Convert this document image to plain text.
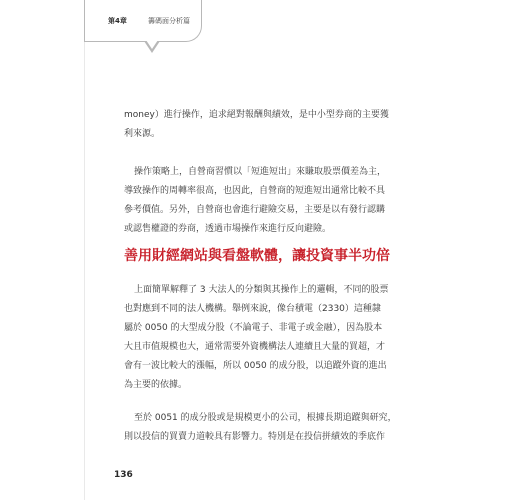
第4章	籌碼面分析篇
money）進行操作，追求絕對報酬與績效，是中小型券商的主要獲
利來源。
操作策略上，自營商習慣以「短進短出」來賺取股票價差為主，
導致操作的周轉率很高，也因此，自營商的短進短出通常比較不具
參考價值。另外，自營商也會進行避險交易，主要是以有發行認購
或認售權證的券商，透過市場操作來進行反向避險。
善用財經網站與看盤軟體，讓投資事半功倍
上面簡單解釋了 3 大法人的分類與其操作上的邏輯，不同的股票
也對應到不同的法人機構。舉例來說，像台積電（2330）這種隸
屬於 0050 的大型成分股（不論電子、非電子或金融），因為股本
大且市值規模也大，通常需要外資機構法人連續且大量的買超，才
會有一波比較大的漲幅，所以 0050 的成分股，以追蹤外資的進出
為主要的依據。
至於 0051 的成分股或是規模更小的公司，根據長期追蹤與研究，
則以投信的買賣力道較具有影響力。特別是在投信拼績效的季底作
136
